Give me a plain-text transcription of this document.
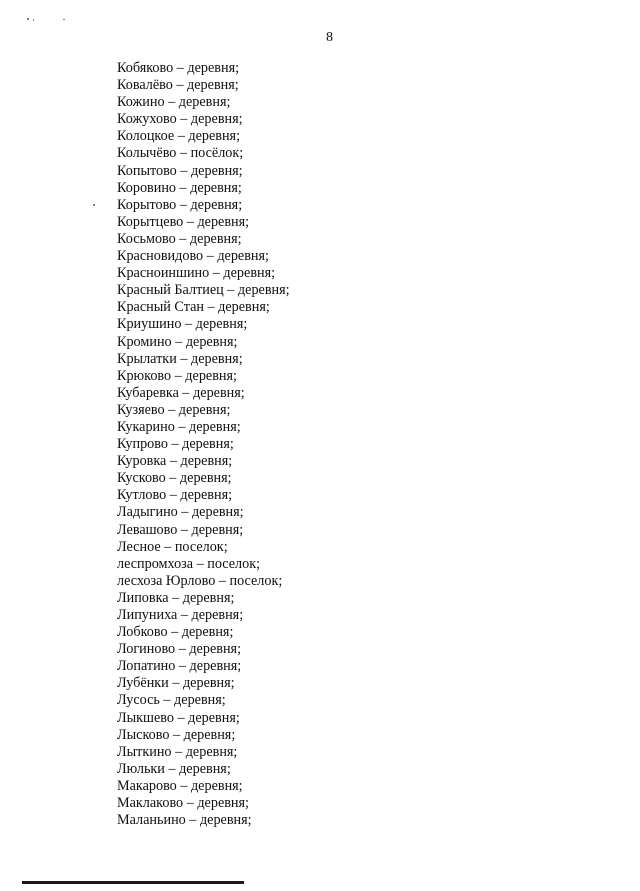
8
Кобяково – деревня;
Ковалёво – деревня;
Кожино – деревня;
Кожухово – деревня;
Колоцкое – деревня;
Колычёво – посёлок;
Копытово – деревня;
Коровино – деревня;
Корытово – деревня;
Корытцево – деревня;
Косьмово – деревня;
Красновидово – деревня;
Красноиншино – деревня;
Красный Балтиец – деревня;
Красный Стан – деревня;
Криушино – деревня;
Кромино – деревня;
Крылатки – деревня;
Крюково – деревня;
Кубаревка – деревня;
Кузяево – деревня;
Кукарино – деревня;
Купрово – деревня;
Куровка – деревня;
Кусково – деревня;
Кутлово – деревня;
Ладыгино – деревня;
Левашово – деревня;
Лесное – поселок;
леспромхоза – поселок;
лесхоза Юрлово – поселок;
Липовка – деревня;
Липуниха – деревня;
Лобково – деревня;
Логиново – деревня;
Лопатино – деревня;
Лубёнки – деревня;
Лусось – деревня;
Лыкшево – деревня;
Лысково – деревня;
Лыткино – деревня;
Люльки – деревня;
Макарово – деревня;
Маклаково – деревня;
Маланьино – деревня;
